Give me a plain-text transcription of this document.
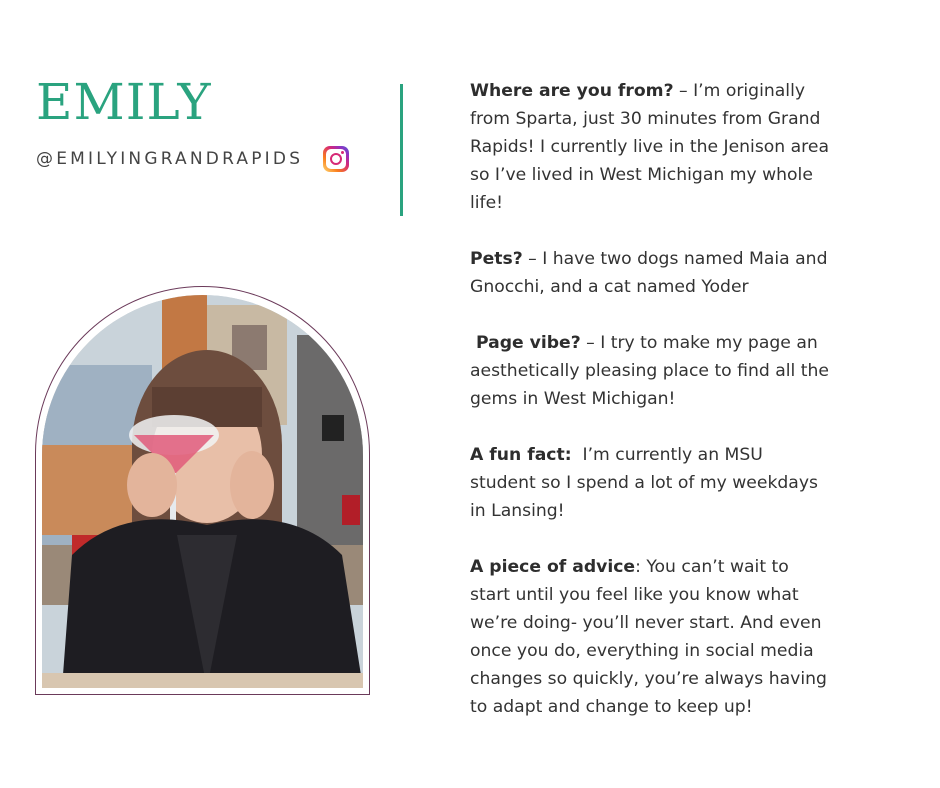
EMILY
@EMILYINGRANDRAPIDS

Where are you from? – I’m originally from Sparta, just 30 minutes from Grand Rapids! I currently live in the Jenison area so I’ve lived in West Michigan my whole life!

Pets? – I have two dogs named Maia and Gnocchi, and a cat named Yoder

Page vibe? – I try to make my page an aesthetically pleasing place to find all the gems in West Michigan!

A fun fact:  I’m currently an MSU student so I spend a lot of my weekdays in Lansing!

A piece of advice: You can’t wait to start until you feel like you know what we’re doing- you’ll never start. And even once you do, everything in social media changes so quickly, you’re always having to adapt and change to keep up!
